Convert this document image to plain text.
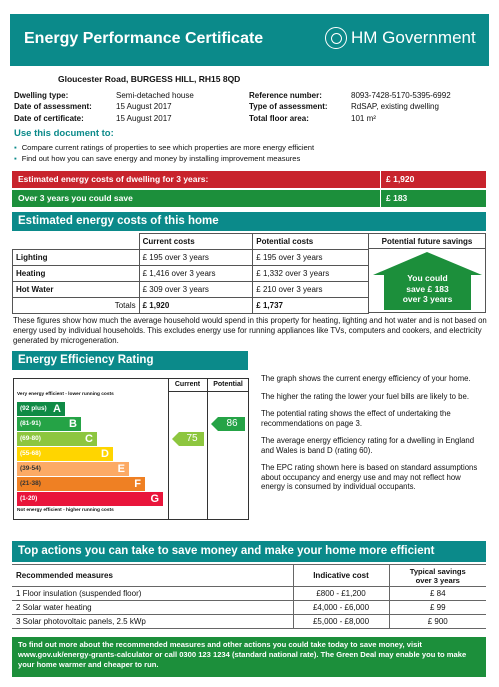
Energy Performance Certificate	HM Government
Gloucester Road, BURGESS HILL, RH15 8QD
Dwelling type:	Semi-detached house
Date of assessment:	15 August 2017
Date of certificate:	15 August 2017
Reference number:	8093-7428-5170-5395-6992
Type of assessment:	RdSAP, existing dwelling
Total floor area:	101 m²
Use this document to:
▪ Compare current ratings of properties to see which properties are more energy efficient
▪ Find out how you can save energy and money by installing improvement measures
Estimated energy costs of dwelling for 3 years:	£ 1,920
Over 3 years you could save	£ 183
Estimated energy costs of this home
	Current costs	Potential costs
Lighting	£ 195 over 3 years	£ 195 over 3 years
Heating	£ 1,416 over 3 years	£ 1,332 over 3 years
Hot Water	£ 309 over 3 years	£ 210 over 3 years
Totals	£ 1,920	£ 1,737
Potential future savings
You could
save £ 183
over 3 years
These figures show how much the average household would spend in this property for heating, lighting and hot water and is not based on energy used by individual households. This excludes energy use for running appliances like TVs, computers and cookers, and electricity generated by microgeneration.
Energy Efficiency Rating
Current	Potential
Very energy efficient - lower running costs
(92 plus) A
(81-91)	B
(69-80)	C
(55-68)	D
(39-54)	E
(21-38)	F
(1-20)	G
Not energy efficient - higher running costs
75
86

The graph shows the current energy efficiency of your home.

The higher the rating the lower your fuel bills are likely to be.

The potential rating shows the effect of undertaking the recommendations on page 3.

The average energy efficiency rating for a dwelling in England and Wales is band D (rating 60).

The EPC rating shown here is based on standard assumptions about occupancy and energy use and may not reflect how energy is consumed by individual occupants.

Top actions you can take to save money and make your home more efficient
Recommended measures	Indicative cost	Typical savings
over 3 years

1 Floor insulation (suspended floor)	£800 - £1,200	£ 84
2 Solar water heating	£4,000 - £6,000	£ 99
3 Solar photovoltaic panels, 2.5 kWp	£5,000 - £8,000	£ 900
To find out more about the recommended measures and other actions you could take today to save money, visit www.gov.uk/energy-grants-calculator or call 0300 123 1234 (standard national rate). The Green Deal may enable you to make your home warmer and cheaper to run.
